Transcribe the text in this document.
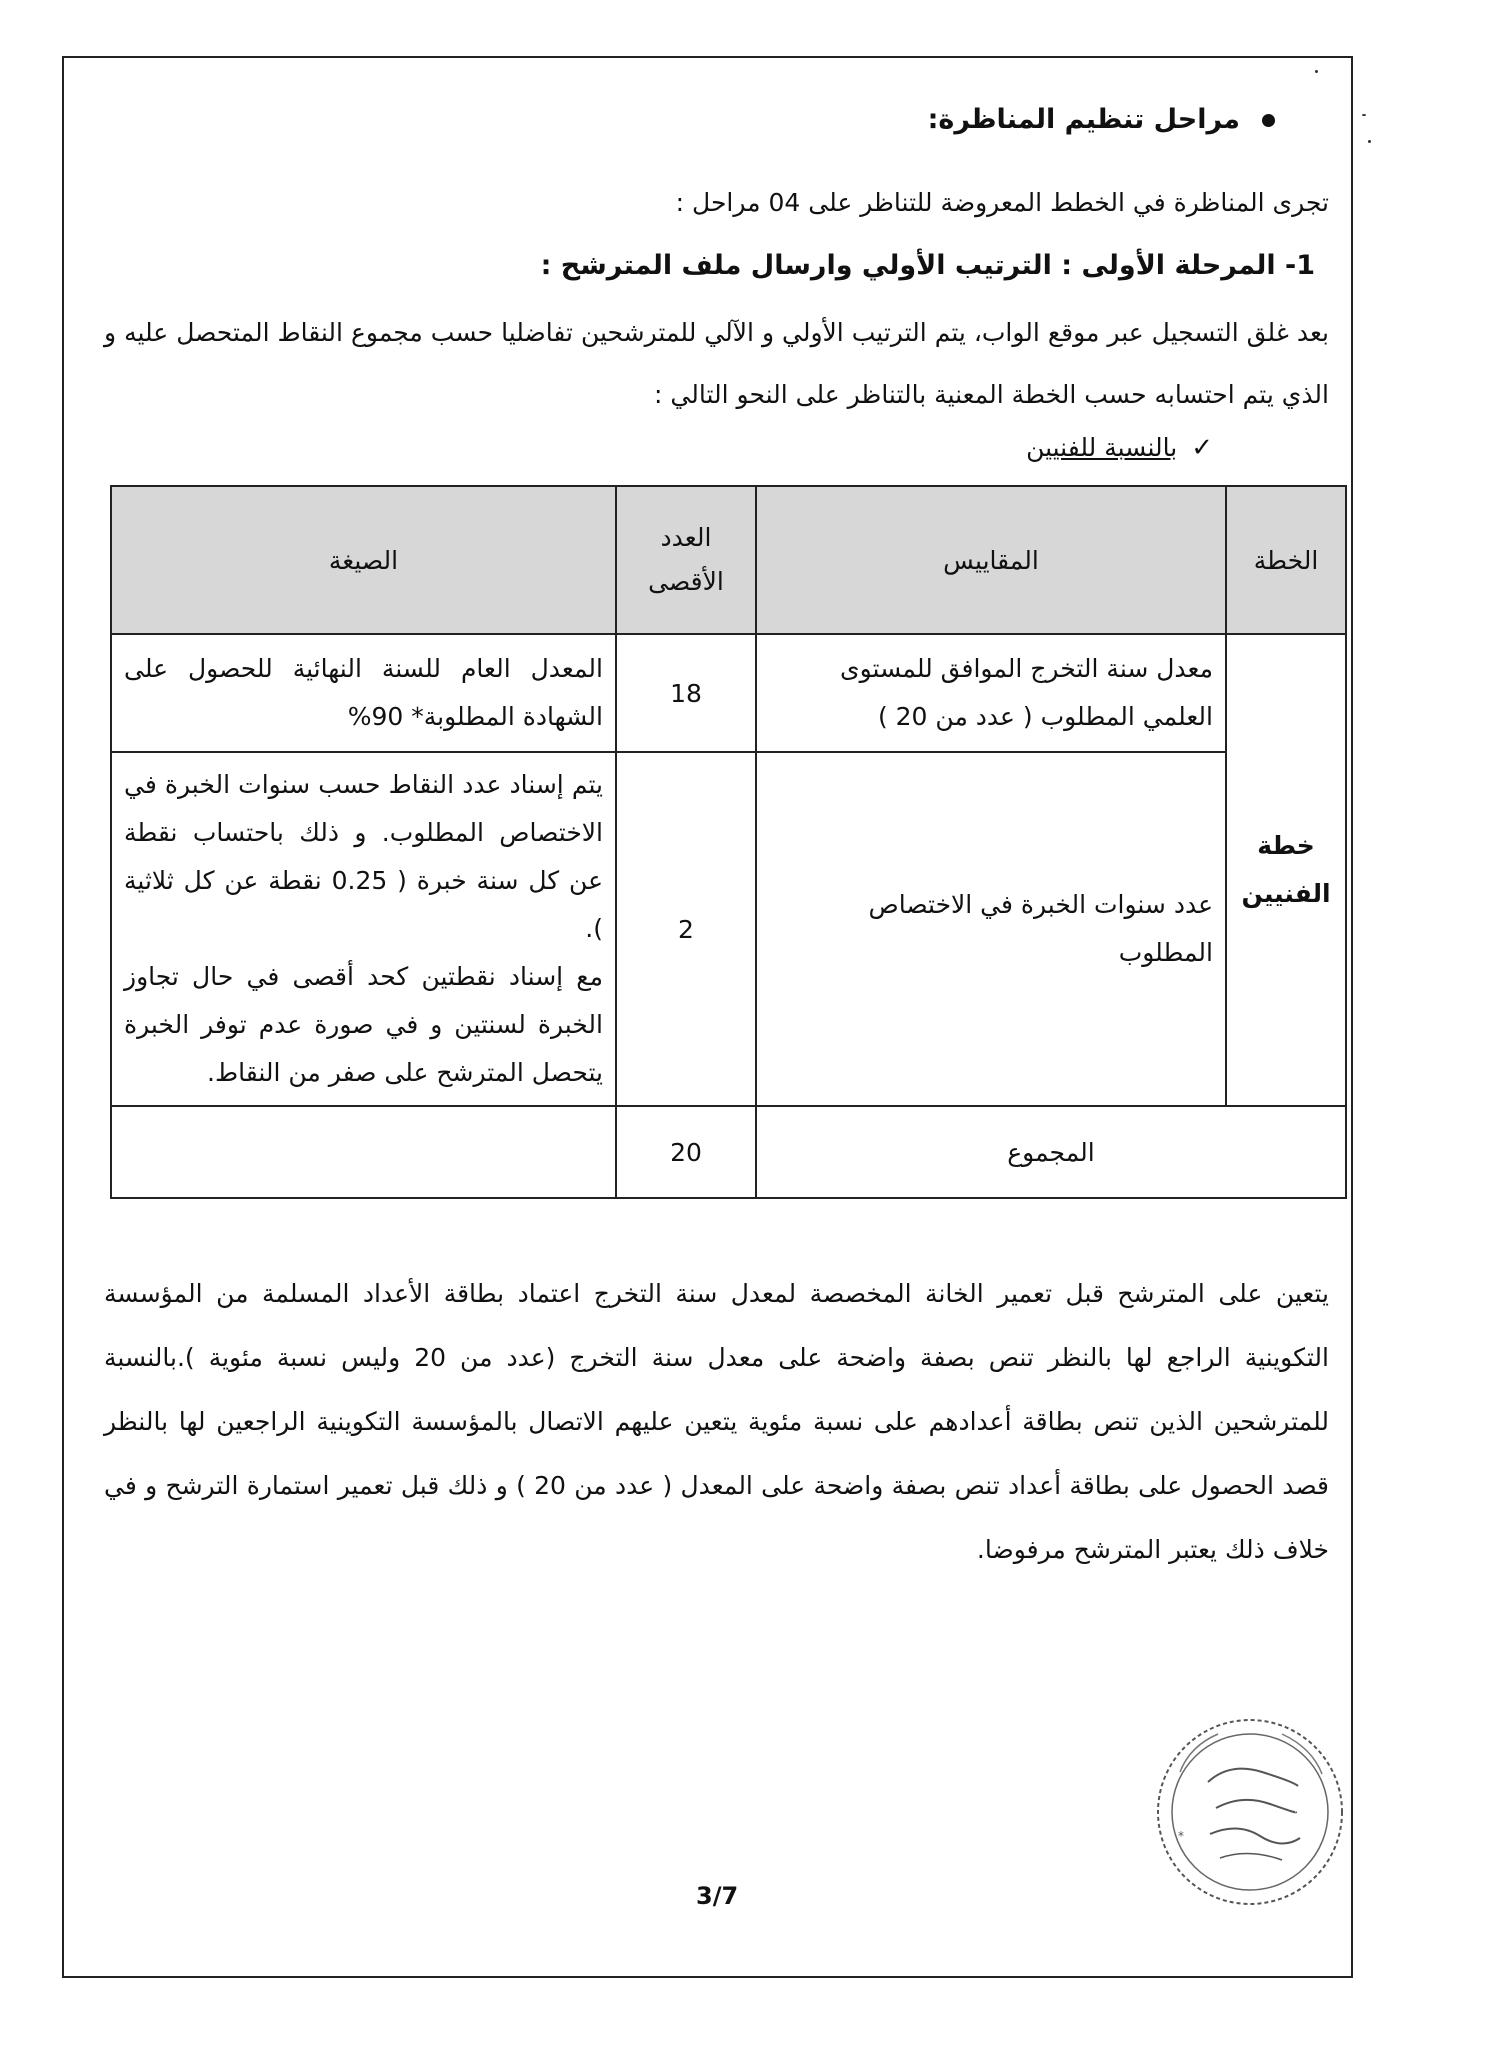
مراحل تنظيم المناظرة:
تجرى المناظرة في الخطط المعروضة للتناظر على 04 مراحل :
1- المرحلة الأولى : الترتيب الأولي وارسال ملف المترشح :
بعد غلق التسجيل عبر موقع الواب، يتم الترتيب الأولي و الآلي للمترشحين تفاضليا حسب مجموع النقاط المتحصل عليه و الذي يتم احتسابه حسب الخطة المعنية بالتناظر على النحو التالي :
✓بالنسبة للفنيين
الخطة	المقاييس	العدد الأقصى	الصيغة
خطة الفنيين	معدل سنة التخرج الموافق للمستوى العلمي المطلوب ( عدد من 20 )	18	المعدل العام للسنة النهائية للحصول على الشهادة المطلوبة* 90%
	عدد سنوات الخبرة في الاختصاص المطلوب	2	يتم إسناد عدد النقاط حسب سنوات الخبرة في الاختصاص المطلوب. و ذلك باحتساب نقطة عن كل سنة خبرة ( 0.25 نقطة عن كل ثلاثية ).
مع إسناد نقطتين كحد أقصى في حال تجاوز الخبرة لسنتين و في صورة عدم توفر الخبرة يتحصل المترشح على صفر من النقاط.

المجموع		20	
يتعين على المترشح قبل تعمير الخانة المخصصة لمعدل سنة التخرج اعتماد بطاقة الأعداد المسلمة من المؤسسة التكوينية الراجع لها بالنظر تنص بصفة واضحة على معدل سنة التخرج (عدد من 20 وليس نسبة مئوية ).بالنسبة للمترشحين الذين تنص بطاقة أعدادهم على نسبة مئوية يتعين عليهم الاتصال بالمؤسسة التكوينية الراجعين لها بالنظر قصد الحصول على بطاقة أعداد تنص بصفة واضحة على المعدل ( عدد من 20 ) و ذلك قبل تعمير استمارة الترشح و في خلاف ذلك يعتبر المترشح مرفوضا.
*
3/7
